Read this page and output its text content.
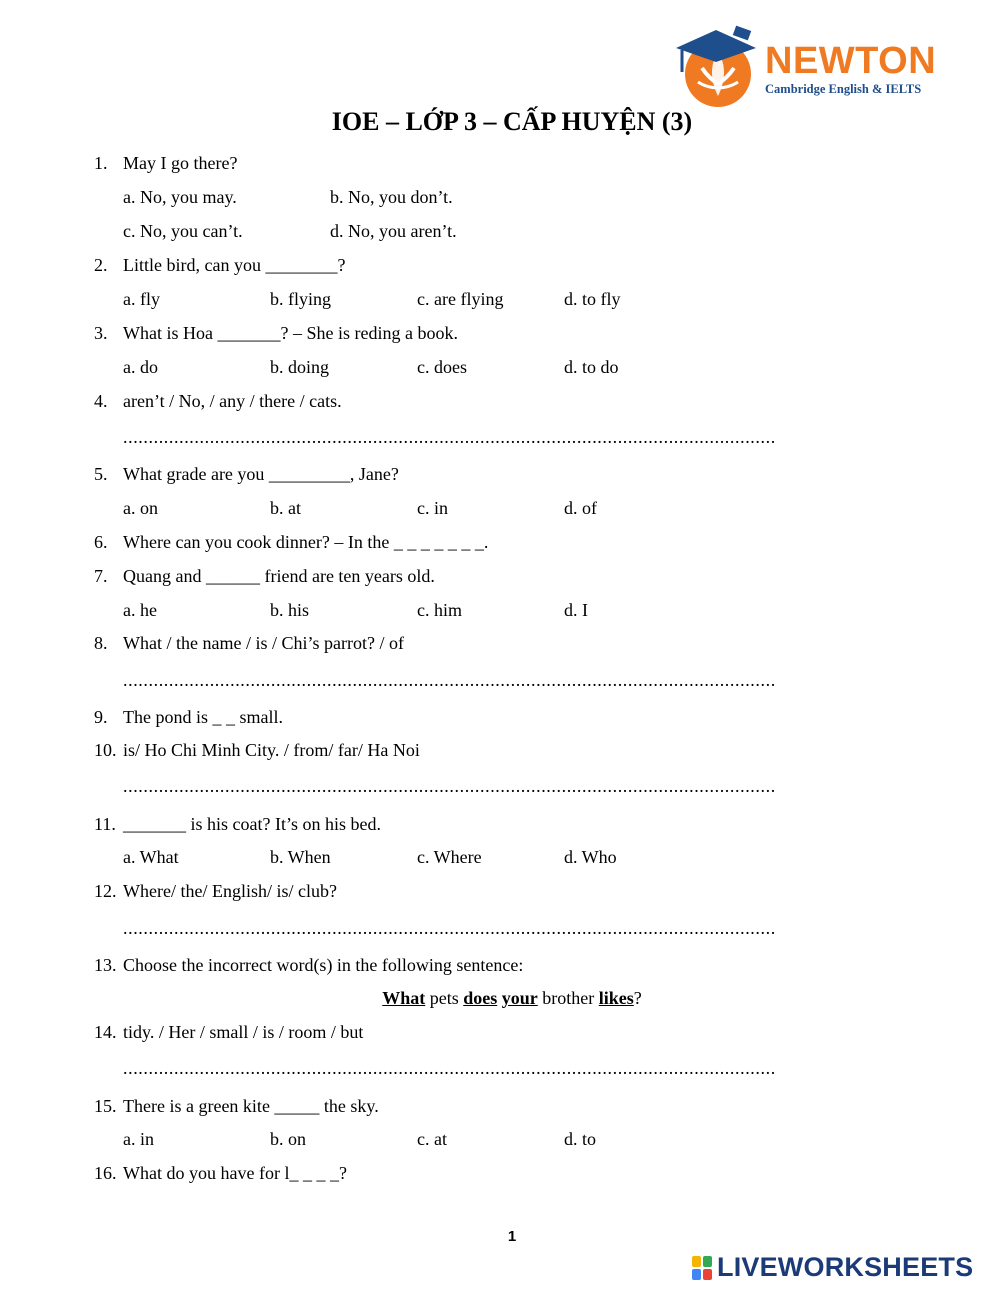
NEWTON
Cambridge English & IELTS
IOE – LỚP 3 – CẤP HUYỆN (3)
1. May I go there?
a. No, you may.	b. No, you don’t.
c. No, you can’t.	d. No, you aren’t.
2. Little bird, can you ________?
a. fly	b. flying	c. are flying	d. to fly
3. What is Hoa _______? – She is reding a book.
a. do	b. doing	c. does	d. to do
4. aren’t / No, / any / there / cats.
................................................................................................................................
5. What grade are you _________, Jane?
a. on	b. at	c. in	d. of
6. Where can you cook dinner? – In the _ _ _ _ _ _ _.
7. Quang and ______ friend are ten years old.
a. he	b. his	c. him	d. I
8. What / the name / is / Chi’s parrot? / of
................................................................................................................................
9. The pond is _ _ small.
10. is/ Ho Chi Minh City. / from/ far/ Ha Noi
................................................................................................................................
11. _______ is his coat? It’s on his bed.
a. What	b. When	c. Where	d. Who
12. Where/ the/ English/ is/ club?
................................................................................................................................
13. Choose the incorrect word(s) in the following sentence:
What pets does your brother likes?
14. tidy. / Her / small / is / room / but
................................................................................................................................
15. There is a green kite _____ the sky.
a. in	b. on	c. at	d. to
16. What do you have for l_ _ _ _?
1
LIVEWORKSHEETS
